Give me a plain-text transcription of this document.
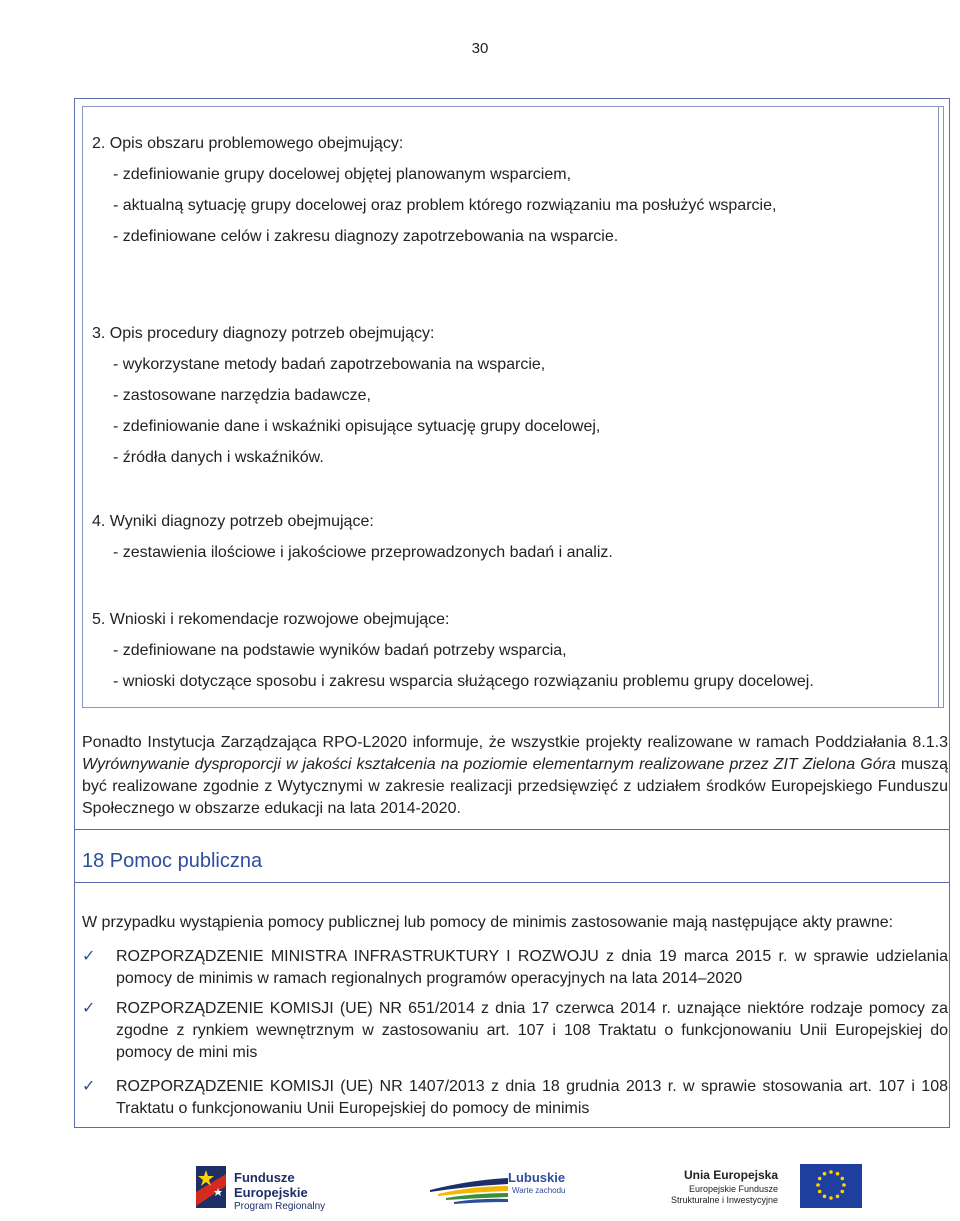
30

2. Opis obszaru problemowego obejmujący:

- zdefiniowanie grupy docelowej objętej planowanym wsparciem,

- aktualną sytuację grupy docelowej oraz problem którego rozwiązaniu ma posłużyć wsparcie,

- zdefiniowane celów i zakresu diagnozy zapotrzebowania na wsparcie.

3. Opis procedury diagnozy potrzeb obejmujący:

- wykorzystane metody badań zapotrzebowania na wsparcie,

- zastosowane narzędzia badawcze,

- zdefiniowanie dane i wskaźniki opisujące sytuację grupy docelowej,

- źródła danych i wskaźników.

4. Wyniki diagnozy potrzeb obejmujące:

- zestawienia ilościowe i jakościowe przeprowadzonych badań i analiz.

5. Wnioski i rekomendacje rozwojowe obejmujące:

- zdefiniowane na podstawie wyników badań potrzeby wsparcia,

- wnioski dotyczące sposobu i zakresu wsparcia służącego rozwiązaniu problemu grupy docelowej.

Ponadto Instytucja Zarządzająca RPO-L2020 informuje, że wszystkie projekty realizowane w ramach Poddziałania 8.1.3 Wyrównywanie dysproporcji w jakości kształcenia na poziomie elementarnym realizowane przez ZIT Zielona Góra muszą być realizowane zgodnie z Wytycznymi w zakresie realizacji przedsięwzięć z udziałem środków Europejskiego Funduszu Społecznego w obszarze edukacji na lata 2014-2020.
18 Pomoc publiczna
W przypadku wystąpienia pomocy publicznej lub pomocy de minimis zastosowanie mają następujące akty prawne:
✓	ROZPORZĄDZENIE MINISTRA INFRASTRUKTURY I ROZWOJU z dnia 19 marca 2015 r. w sprawie udzielania pomocy de minimis w ramach regionalnych programów operacyjnych na lata 2014–2020
✓	ROZPORZĄDZENIE KOMISJI (UE) NR 651/2014 z dnia 17 czerwca 2014 r. uznające niektóre rodzaje pomocy za zgodne z rynkiem wewnętrznym w zastosowaniu art. 107 i 108 Traktatu o funkcjonowaniu Unii Europejskiej do pomocy de mini mis
✓	ROZPORZĄDZENIE KOMISJI (UE) NR 1407/2013 z dnia 18 grudnia 2013 r. w sprawie stosowania art. 107 i 108 Traktatu o funkcjonowaniu Unii Europejskiej do pomocy de minimis
Fundusze
Europejskie
Program Regionalny
Lubuskie
Warte zachodu
Unia Europejska
Europejskie Fundusze
Strukturalne i Inwestycyjne
